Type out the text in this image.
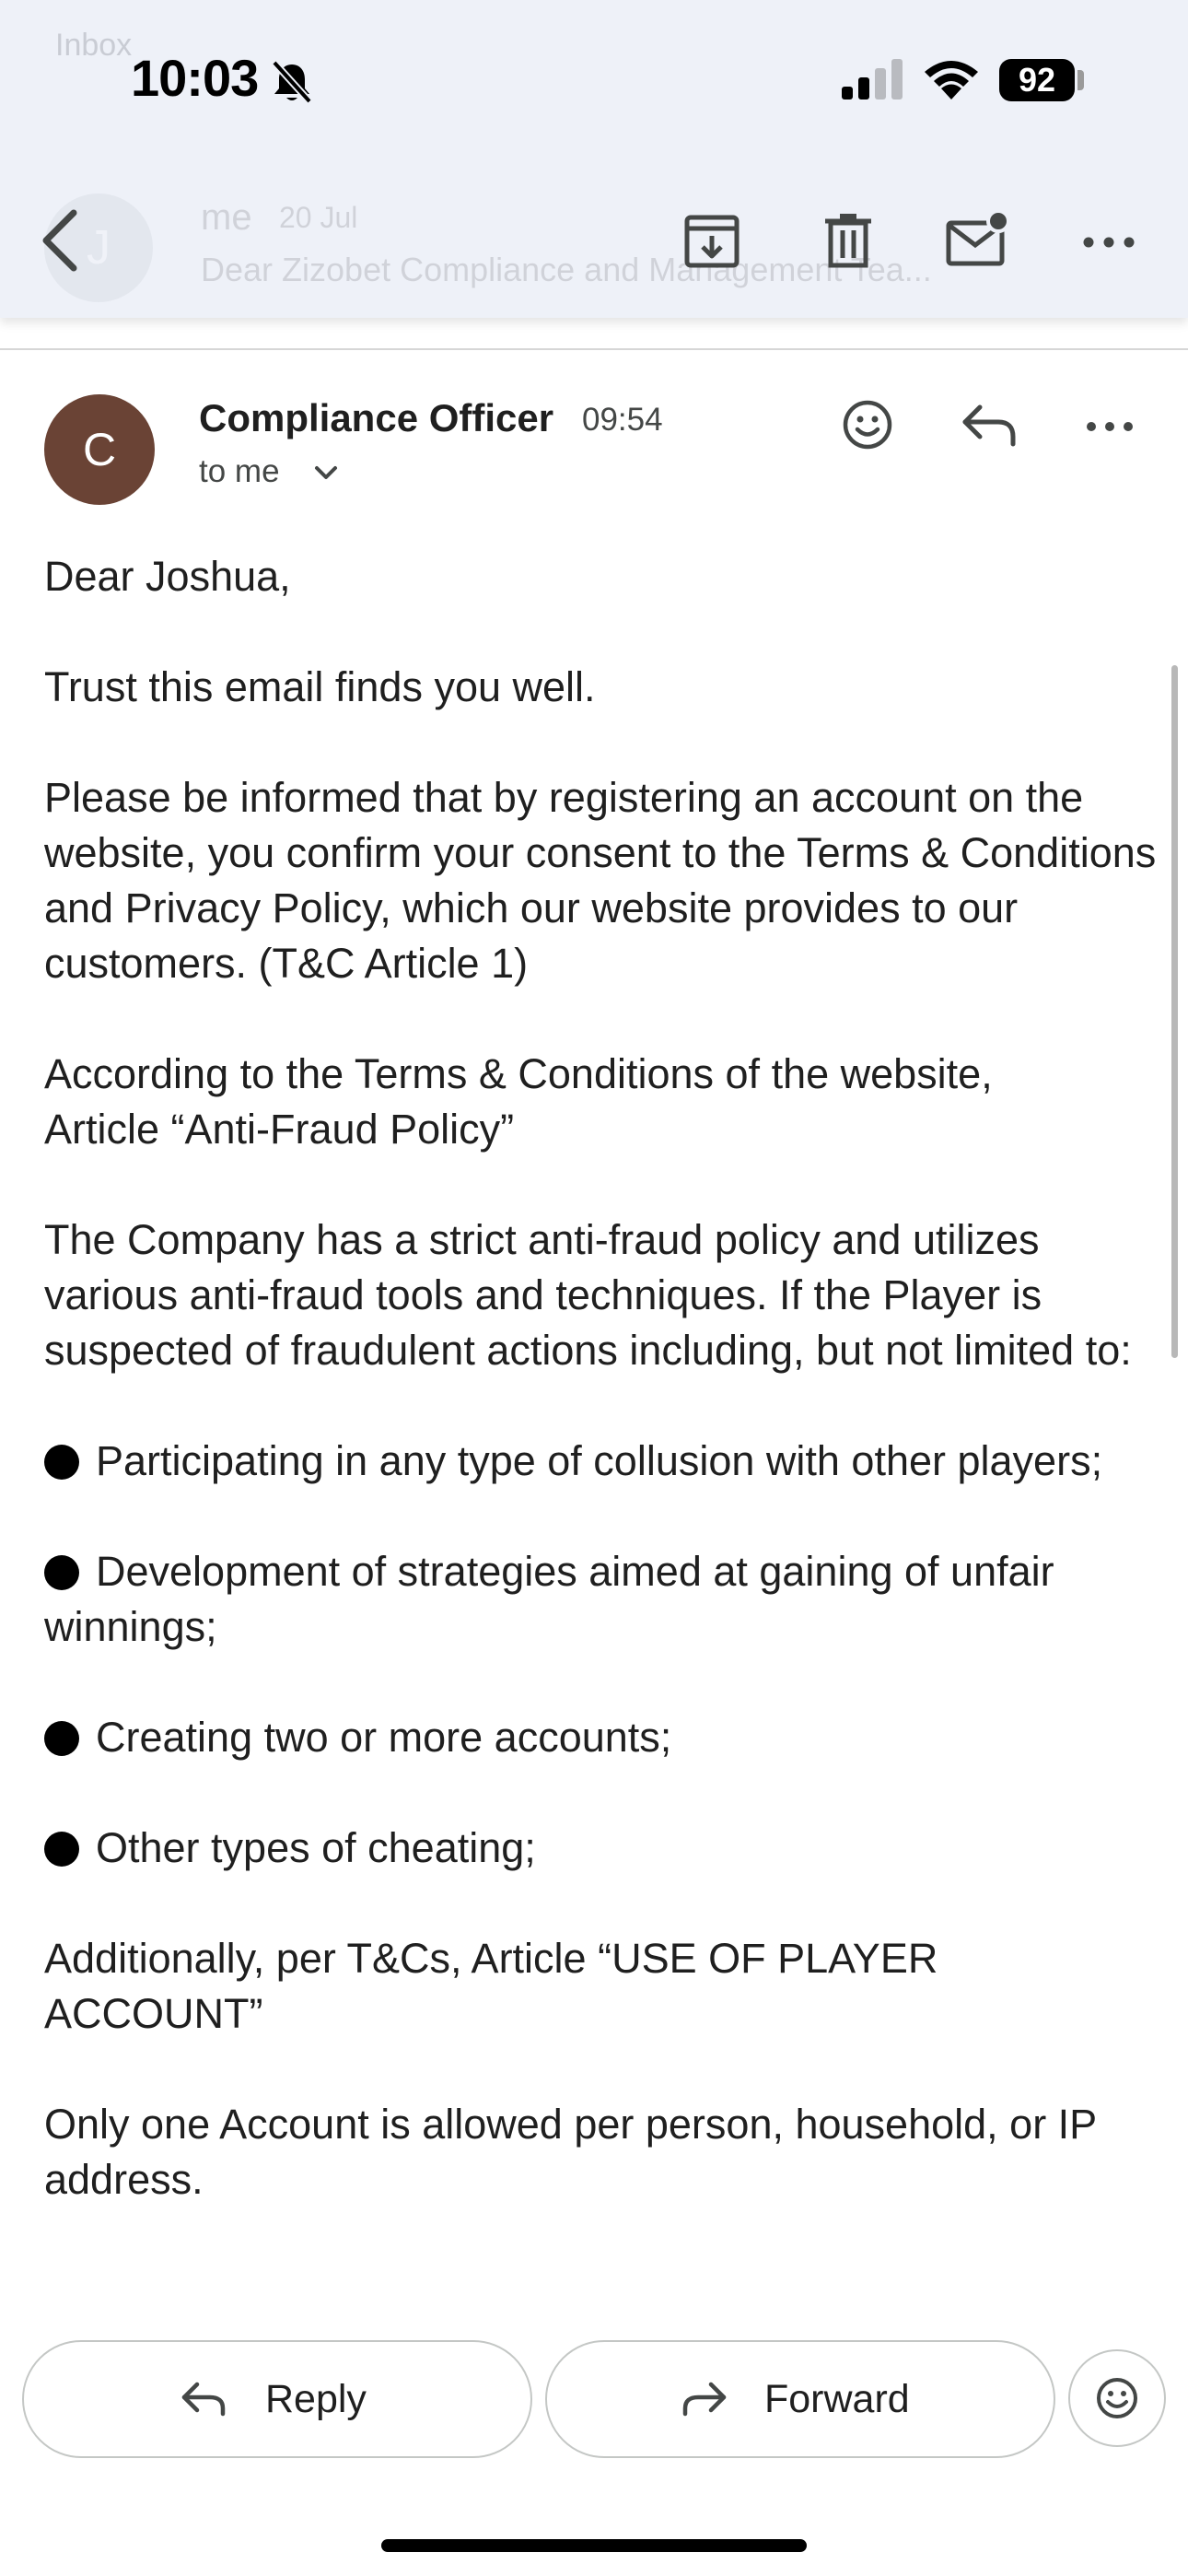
Inbox
10:03	92
J
me 20 Jul
Dear Zizobet Compliance and Management Tea...
C
Compliance Officer 09:54
to me

Dear Joshua,

Trust this email finds you well.

Please be informed that by registering an account on the website, you confirm your consent to the Terms & Conditions and Privacy Policy, which our website provides to our customers. (T&C Article 1)

According to the Terms & Conditions of the website,

Article “Anti-Fraud Policy”

The Company has a strict anti-fraud policy and utilizes various anti-fraud tools and techniques. If the Player is suspected of fraudulent actions including, but not limited to:

Participating in any type of collusion with other players;

Development of strategies aimed at gaining of unfair winnings;

Creating two or more accounts;

Other types of cheating;

Additionally, per T&Cs, Article “USE OF PLAYER ACCOUNT”

Only one Account is allowed per person, household, or IP address.

Reply	Forward
